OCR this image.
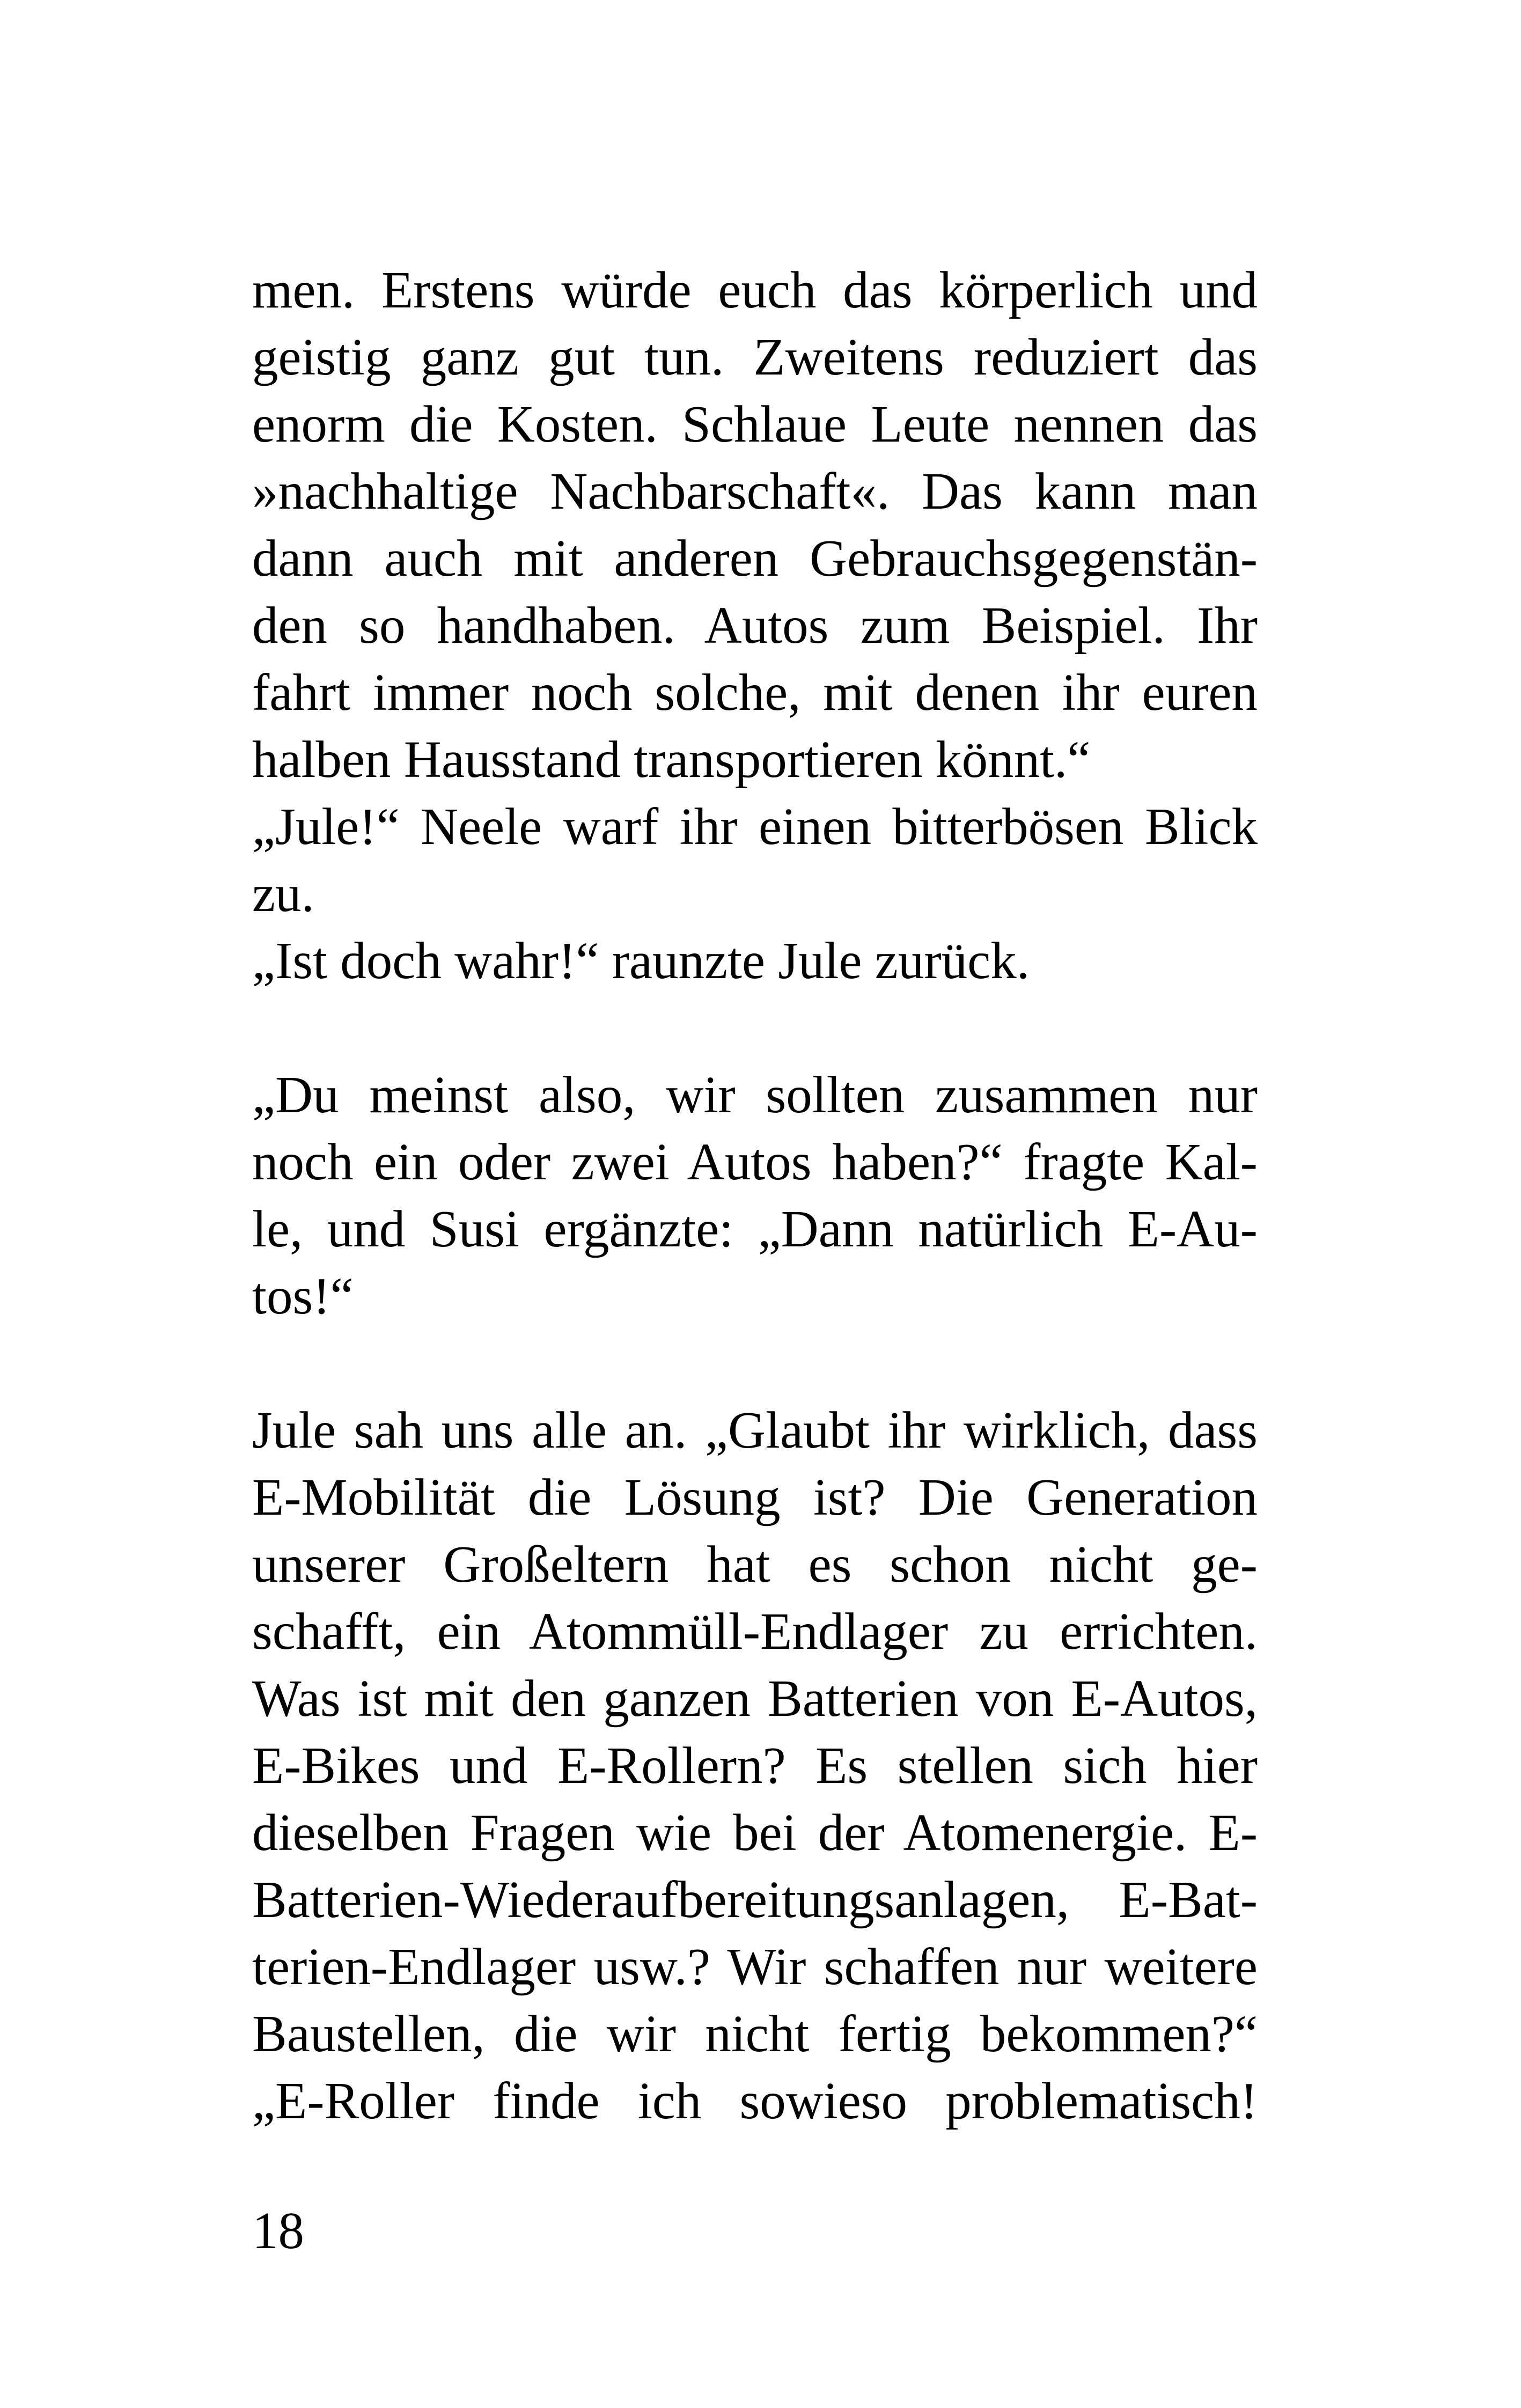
men. Erstens würde euch das körperlich und
geistig ganz gut tun. Zweitens reduziert das
enorm die Kosten. Schlaue Leute nennen das
»nachhaltige Nachbarschaft«. Das kann man
dann auch mit anderen Gebrauchsgegenstän-
den so handhaben. Autos zum Beispiel. Ihr
fahrt immer noch solche, mit denen ihr euren
halben Hausstand transportieren könnt.“
„Jule!“ Neele warf ihr einen bitterbösen Blick
zu.
„Ist doch wahr!“ raunzte Jule zurück.
„Du meinst also, wir sollten zusammen nur
noch ein oder zwei Autos haben?“ fragte Kal-
le, und Susi ergänzte: „Dann natürlich E-Au-
tos!“
Jule sah uns alle an. „Glaubt ihr wirklich, dass
E-Mobilität die Lösung ist? Die Generation
unserer Großeltern hat es schon nicht ge-
schafft, ein Atommüll-Endlager zu errichten.
Was ist mit den ganzen Batterien von E-Autos,
E-Bikes und E-Rollern? Es stellen sich hier
dieselben Fragen wie bei der Atomenergie. E-
Batterien-Wiederaufbereitungsanlagen, E-Bat-
terien-Endlager usw.? Wir schaffen nur weitere
Baustellen, die wir nicht fertig bekommen?“
„E-Roller finde ich sowieso problematisch!
18
